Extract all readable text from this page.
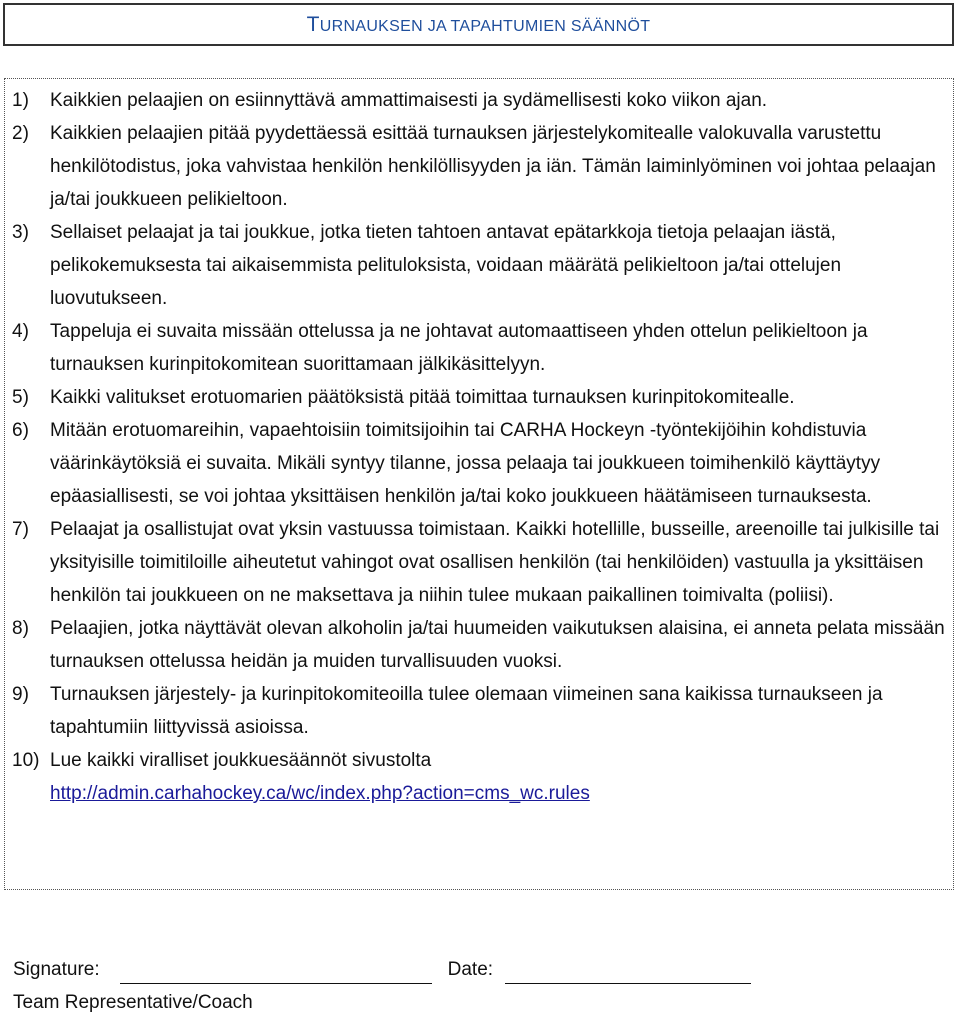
TURNAUKSEN JA TAPAHTUMIEN SÄÄNNÖT
1) Kaikkien pelaajien on esiinnyttävä ammattimaisesti ja sydämellisesti koko viikon ajan.
2) Kaikkien pelaajien pitää pyydettäessä esittää turnauksen järjestelykomitealle valokuvalla varustettu henkilötodistus, joka vahvistaa henkilön henkilöllisyyden ja iän. Tämän laiminlyöminen voi johtaa pelaajan ja/tai joukkueen pelikieltoon.
3) Sellaiset pelaajat ja tai joukkue, jotka tieten tahtoen antavat epätarkkoja tietoja pelaajan iästä, pelikokemuksesta tai aikaisemmista pelituloksista, voidaan määrätä pelikieltoon ja/tai ottelujen luovutukseen.
4) Tappeluja ei suvaita missään ottelussa ja ne johtavat automaattiseen yhden ottelun pelikieltoon ja turnauksen kurinpitokomitean suorittamaan jälkikäsittelyyn.
5) Kaikki valitukset erotuomarien päätöksistä pitää toimittaa turnauksen kurinpitokomitealle.
6) Mitään erotuomareihin, vapaehtoisiin toimitsijoihin tai CARHA Hockeyn -työntekijöihin kohdistuvia väärinkäytöksiä ei suvaita. Mikäli syntyy tilanne, jossa pelaaja tai joukkueen toimihenkilö käyttäytyy epäasiallisesti, se voi johtaa yksittäisen henkilön ja/tai koko joukkueen häätämiseen turnauksesta.
7) Pelaajat ja osallistujat ovat yksin vastuussa toimistaan. Kaikki hotellille, busseille, areenoille tai julkisille tai yksityisille toimitiloille aiheutetut vahingot ovat osallisen henkilön (tai henkilöiden) vastuulla ja yksittäisen henkilön tai joukkueen on ne maksettava ja niihin tulee mukaan paikallinen toimivalta (poliisi).
8) Pelaajien, jotka näyttävät olevan alkoholin ja/tai huumeiden vaikutuksen alaisina, ei anneta pelata missään turnauksen ottelussa heidän ja muiden turvallisuuden vuoksi.
9) Turnauksen järjestely- ja kurinpitokomiteoilla tulee olemaan viimeinen sana kaikissa turnaukseen ja tapahtumiin liittyvissä asioissa.
10) Lue kaikki viralliset joukkuesäännöt sivustolta
http://admin.carhahockey.ca/wc/index.php?action=cms_wc.rules
Signature:	Date:
Team Representative/Coach
